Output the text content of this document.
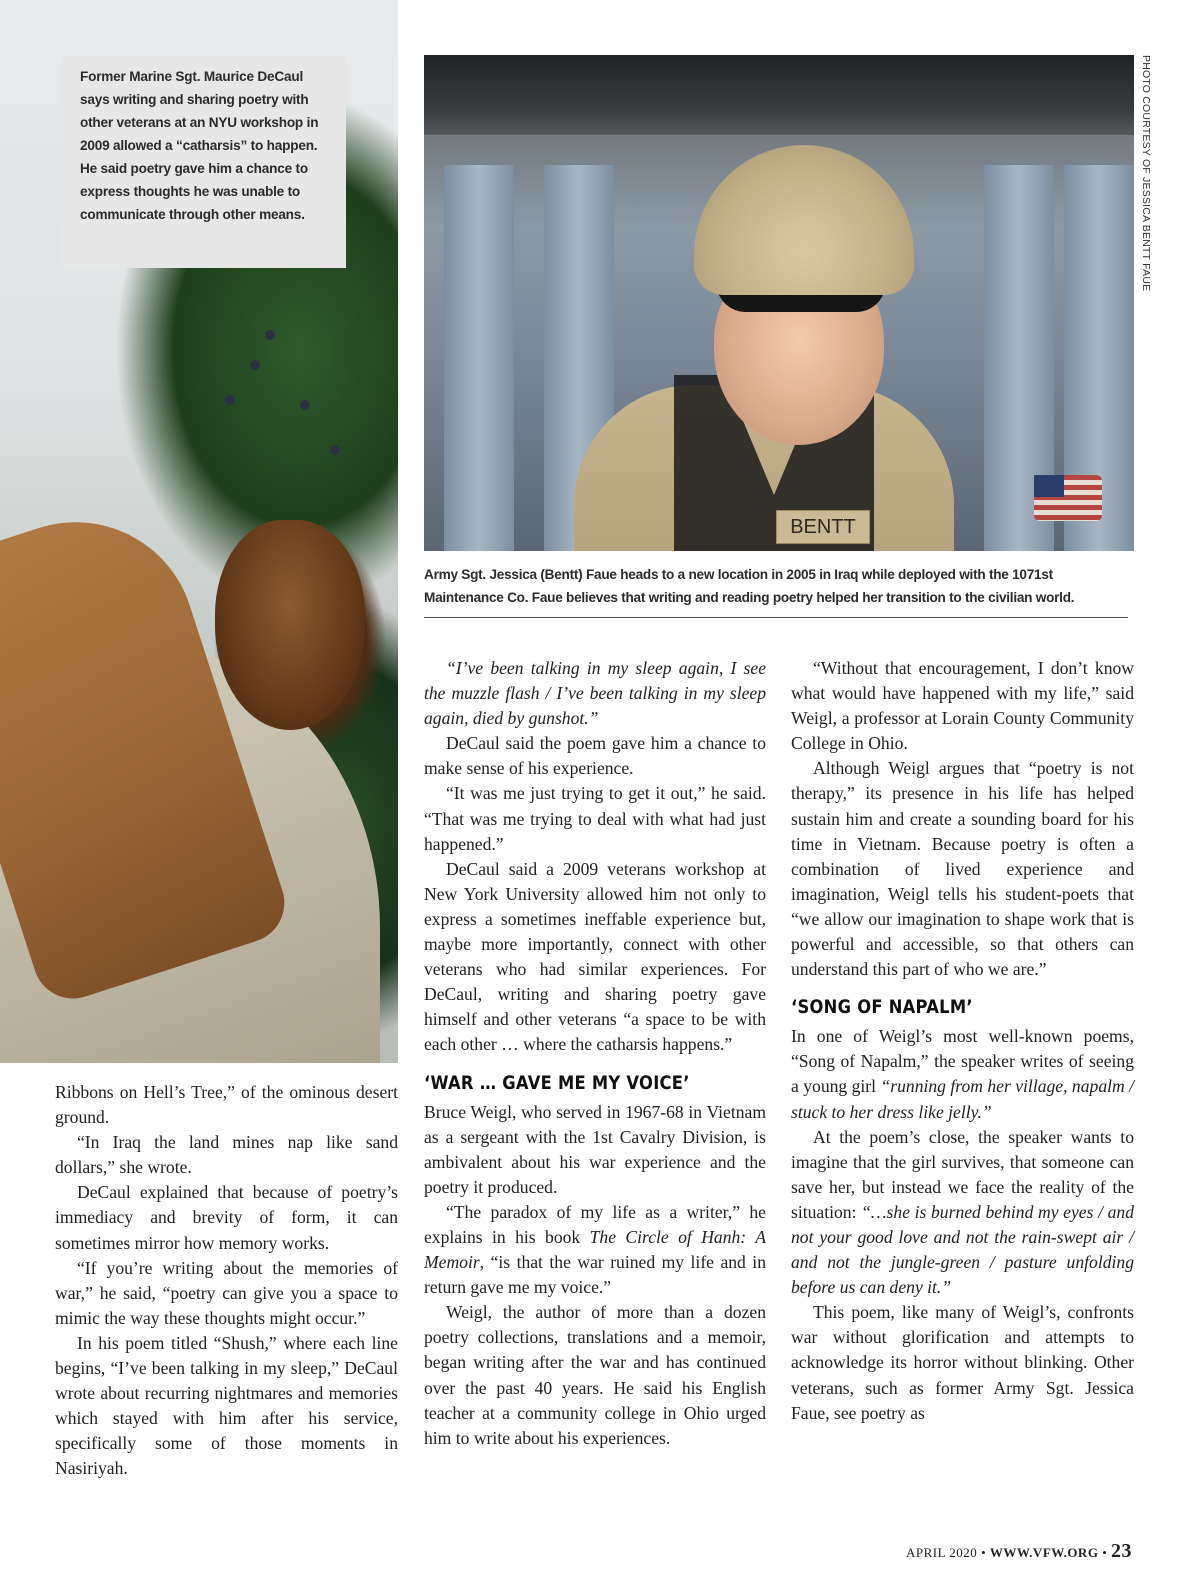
Former Marine Sgt. Maurice DeCaul says writing and sharing poetry with other veterans at an NYU workshop in 2009 allowed a “catharsis” to happen. He said poetry gave him a chance to express thoughts he was unable to communicate through other means.

BENTT
PHOTO COURTESY OF JESSICA BENTT FAUE
Army Sgt. Jessica (Bentt) Faue heads to a new location in 2005 in Iraq while deployed with the 1071st Maintenance Co. Faue believes that writing and reading poetry helped her transition to the civilian world.

Ribbons on Hell’s Tree,” of the ominous desert ground.

“In Iraq the land mines nap like sand dollars,” she wrote.

DeCaul explained that because of poetry’s immediacy and brevity of form, it can sometimes mirror how memory works.

“If you’re writing about the memories of war,” he said, “poetry can give you a space to mimic the way these thoughts might occur.”

In his poem titled “Shush,” where each line begins, “I’ve been talking in my sleep,” DeCaul wrote about recurring nightmares and memories which stayed with him after his service, specifically some of those moments in Nasiriyah.

“I’ve been talking in my sleep again, I see the muzzle flash / I’ve been talking in my sleep again, died by gunshot.”

DeCaul said the poem gave him a chance to make sense of his experience.

“It was me just trying to get it out,” he said. “That was me trying to deal with what had just happened.”

DeCaul said a 2009 veterans workshop at New York University allowed him not only to express a sometimes ineffable experience but, maybe more importantly, connect with other veterans who had similar experiences. For DeCaul, writing and sharing poetry gave himself and other veterans “a space to be with each other … where the catharsis happens.”

‘WAR … GAVE ME MY VOICE’

Bruce Weigl, who served in 1967-68 in Vietnam as a sergeant with the 1st Cavalry Division, is ambivalent about his war experience and the poetry it produced.

“The paradox of my life as a writer,” he explains in his book The Circle of Hanh: A Memoir, “is that the war ruined my life and in return gave me my voice.”

Weigl, the author of more than a dozen poetry collections, translations and a memoir, began writing after the war and has continued over the past 40 years. He said his English teacher at a community college in Ohio urged him to write about his experiences.

“Without that encouragement, I don’t know what would have happened with my life,” said Weigl, a professor at Lorain County Community College in Ohio.

Although Weigl argues that “poetry is not therapy,” its presence in his life has helped sustain him and create a sounding board for his time in Vietnam. Because poetry is often a combination of lived experience and imagination, Weigl tells his student-poets that “we allow our imagination to shape work that is powerful and accessible, so that others can understand this part of who we are.”

‘SONG OF NAPALM’

In one of Weigl’s most well-known poems, “Song of Napalm,” the speaker writes of seeing a young girl “running from her village, napalm / stuck to her dress like jelly.”

At the poem’s close, the speaker wants to imagine that the girl survives, that someone can save her, but instead we face the reality of the situation: “…she is burned behind my eyes / and not your good love and not the rain-swept air / and not the jungle-green / pasture unfolding before us can deny it.”

This poem, like many of Weigl’s, confronts war without glorification and attempts to acknowledge its horror without blinking. Other veterans, such as former Army Sgt. Jessica Faue, see poetry as

APRIL 2020 • WWW.VFW.ORG • 23
